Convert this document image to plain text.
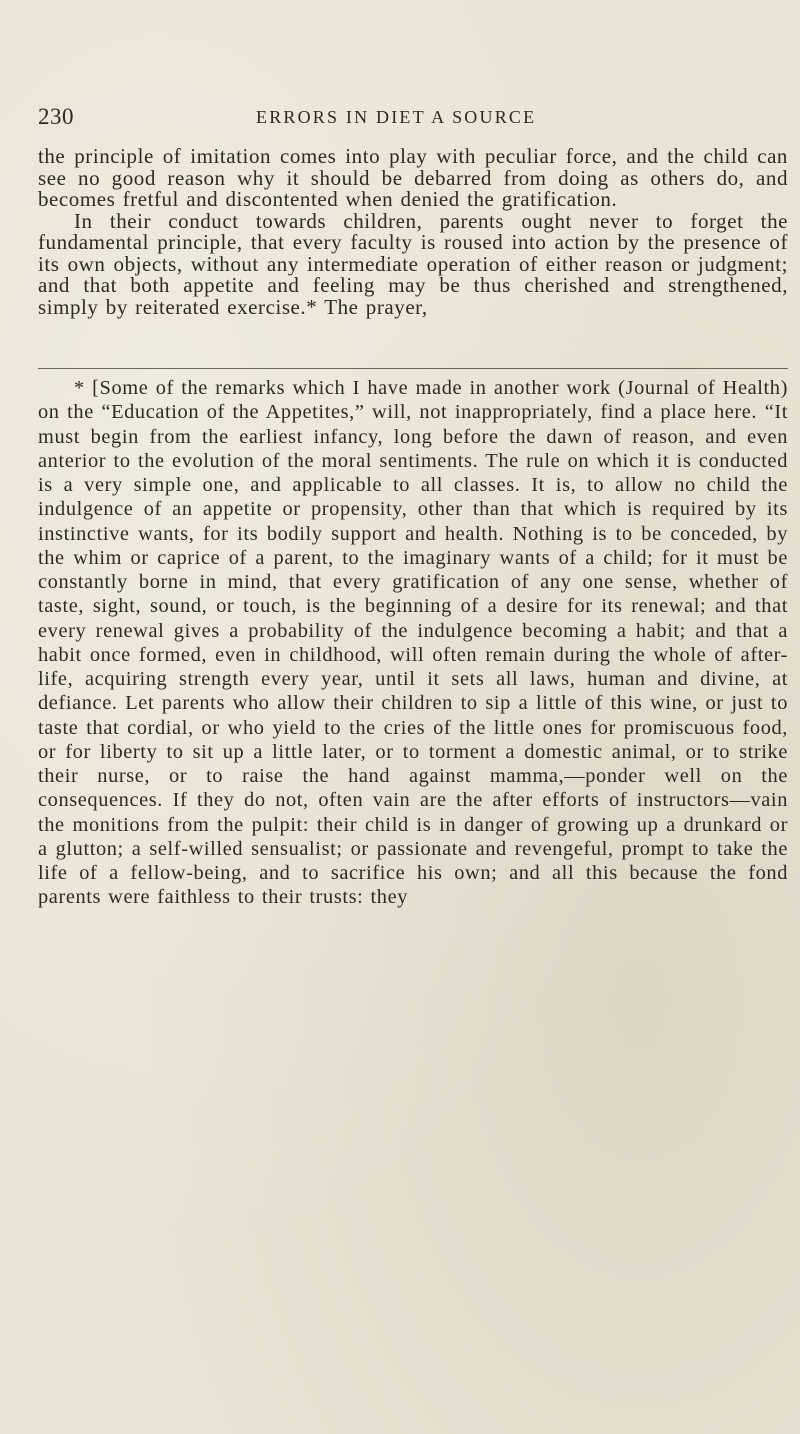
230	ERRORS IN DIET A SOURCE

the principle of imitation comes into play with peculiar force, and the child can see no good reason why it should be debarred from doing as others do, and becomes fretful and discontented when denied the gratification.

In their conduct towards children, parents ought never to forget the fundamental principle, that every faculty is roused into action by the presence of its own objects, without any intermediate operation of either reason or judgment; and that both appetite and feeling may be thus cherished and strengthened, simply by reiterated exercise.* The prayer,

* [Some of the remarks which I have made in another work (Journal of Health) on the “Education of the Appetites,” will, not inappropriately, find a place here. “It must begin from the earliest infancy, long before the dawn of reason, and even anterior to the evolution of the moral sentiments. The rule on which it is conducted is a very simple one, and applicable to all classes. It is, to allow no child the indulgence of an appetite or propensity, other than that which is required by its instinctive wants, for its bodily support and health. Nothing is to be conceded, by the whim or caprice of a parent, to the imaginary wants of a child; for it must be constantly borne in mind, that every gratification of any one sense, whether of taste, sight, sound, or touch, is the beginning of a desire for its renewal; and that every renewal gives a probability of the indulgence becoming a habit; and that a habit once formed, even in childhood, will often remain during the whole of after-life, acquiring strength every year, until it sets all laws, human and divine, at defiance. Let parents who allow their children to sip a little of this wine, or just to taste that cordial, or who yield to the cries of the little ones for promiscuous food, or for liberty to sit up a little later, or to torment a domestic animal, or to strike their nurse, or to raise the hand against mamma,—ponder well on the consequences. If they do not, often vain are the after efforts of instructors—vain the monitions from the pulpit: their child is in danger of growing up a drunkard or a glutton; a self-willed sensualist; or passionate and revengeful, prompt to take the life of a fellow-being, and to sacrifice his own; and all this because the fond parents were faithless to their trusts: they
